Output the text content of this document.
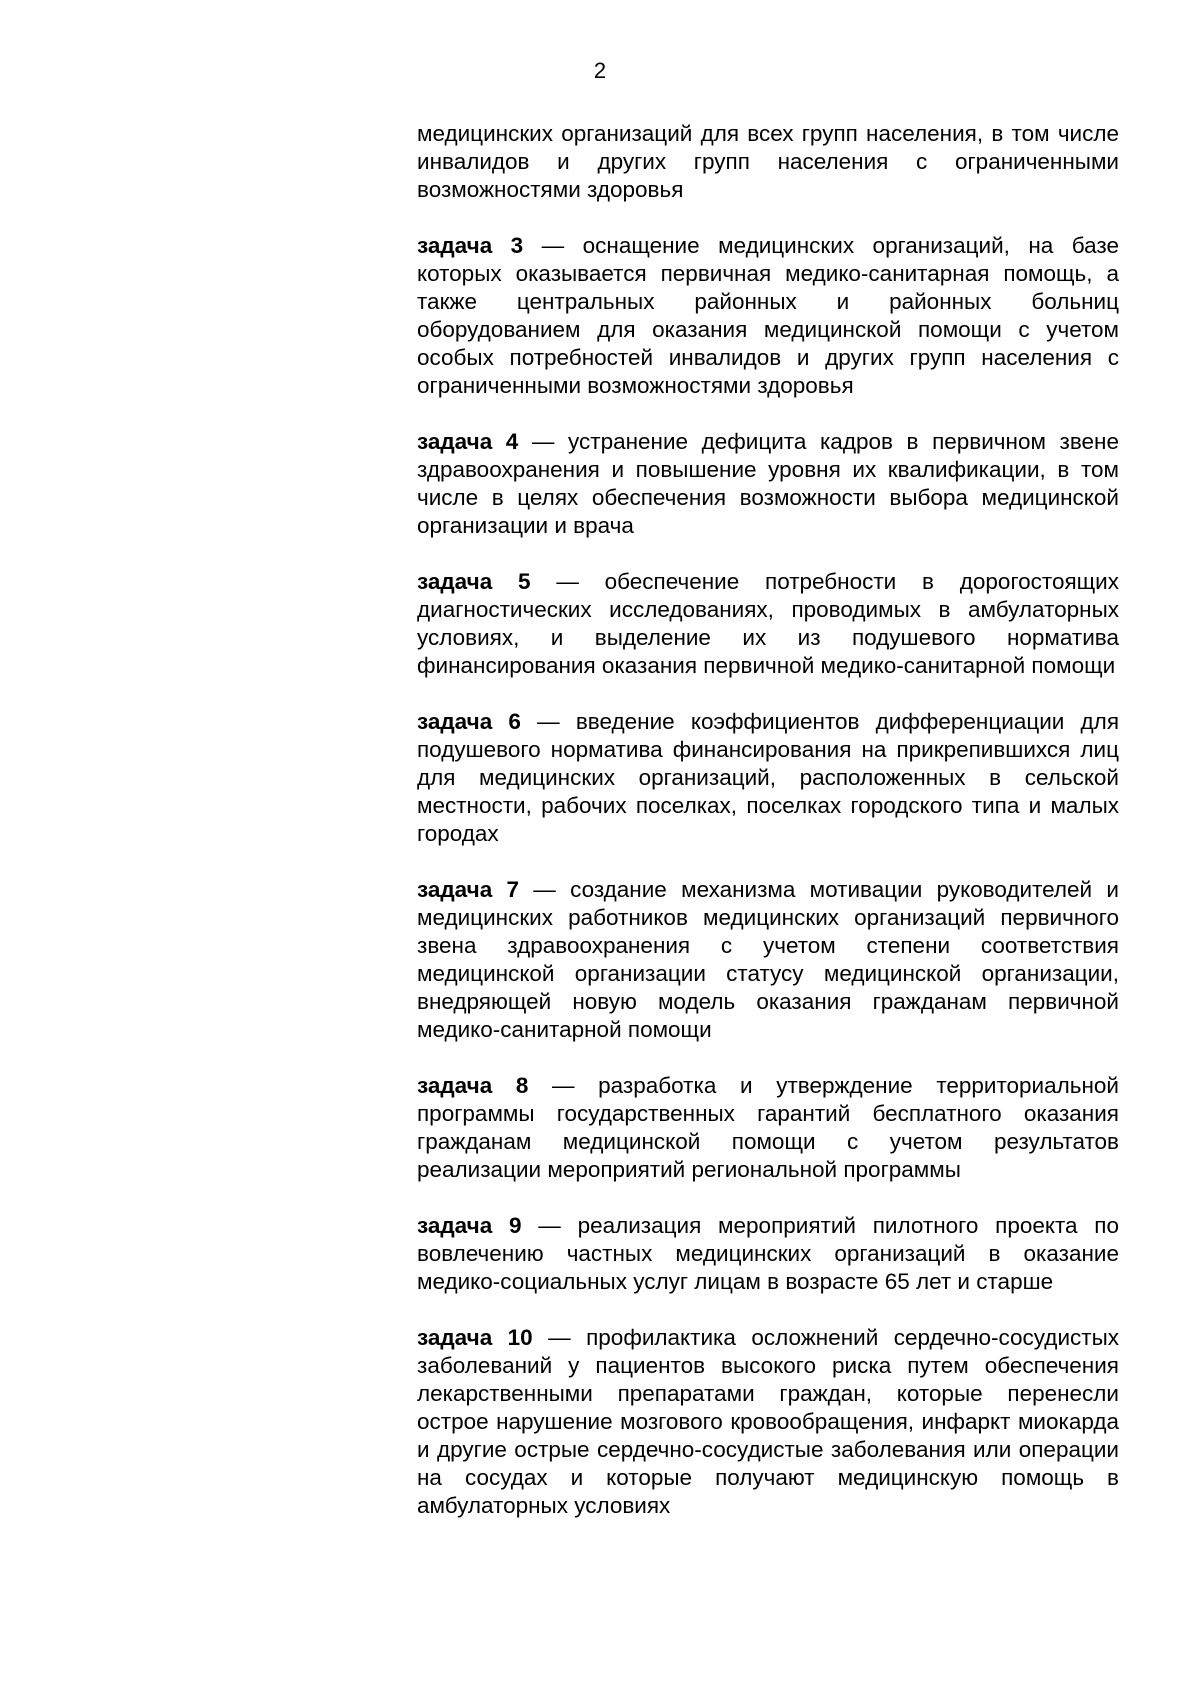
2

медицинских организаций для всех групп населения, в том числе инвалидов и других групп населения с ограниченными возможностями здоровья

задача 3 — оснащение медицинских организаций, на базе которых оказывается первичная медико-санитарная помощь, а также центральных районных и районных больниц оборудованием для оказания медицинской помощи с учетом особых потребностей инвалидов и других групп населения с ограниченными возможностями здоровья

задача 4 — устранение дефицита кадров в первичном звене здравоохранения и повышение уровня их квалификации, в том числе в целях обеспечения возможности выбора медицинской организации и врача

задача 5 — обеспечение потребности в дорогостоящих диагностических исследованиях, проводимых в амбулаторных условиях, и выделение их из подушевого норматива финансирования оказания первичной медико-санитарной помощи

задача 6 — введение коэффициентов дифференциации для подушевого норматива финансирования на прикрепившихся лиц для медицинских организаций, расположенных в сельской местности, рабочих поселках, поселках городского типа и малых городах

задача 7 — создание механизма мотивации руководителей и медицинских работников медицинских организаций первичного звена здравоохранения с учетом степени соответствия медицинской организации статусу медицинской организации, внедряющей новую модель оказания гражданам первичной медико-санитарной помощи

задача 8 — разработка и утверждение территориальной программы государственных гарантий бесплатного оказания гражданам медицинской помощи с учетом результатов реализации мероприятий региональной программы

задача 9 — реализация мероприятий пилотного проекта по вовлечению частных медицинских организаций в оказание медико-социальных услуг лицам в возрасте 65 лет и старше

задача 10 — профилактика осложнений сердечно-сосудистых заболеваний у пациентов высокого риска путем обеспечения лекарственными препаратами граждан, которые перенесли острое нарушение мозгового кровообращения, инфаркт миокарда и другие острые сердечно-сосудистые заболевания или операции на сосудах и которые получают медицинскую помощь в амбулаторных условиях
